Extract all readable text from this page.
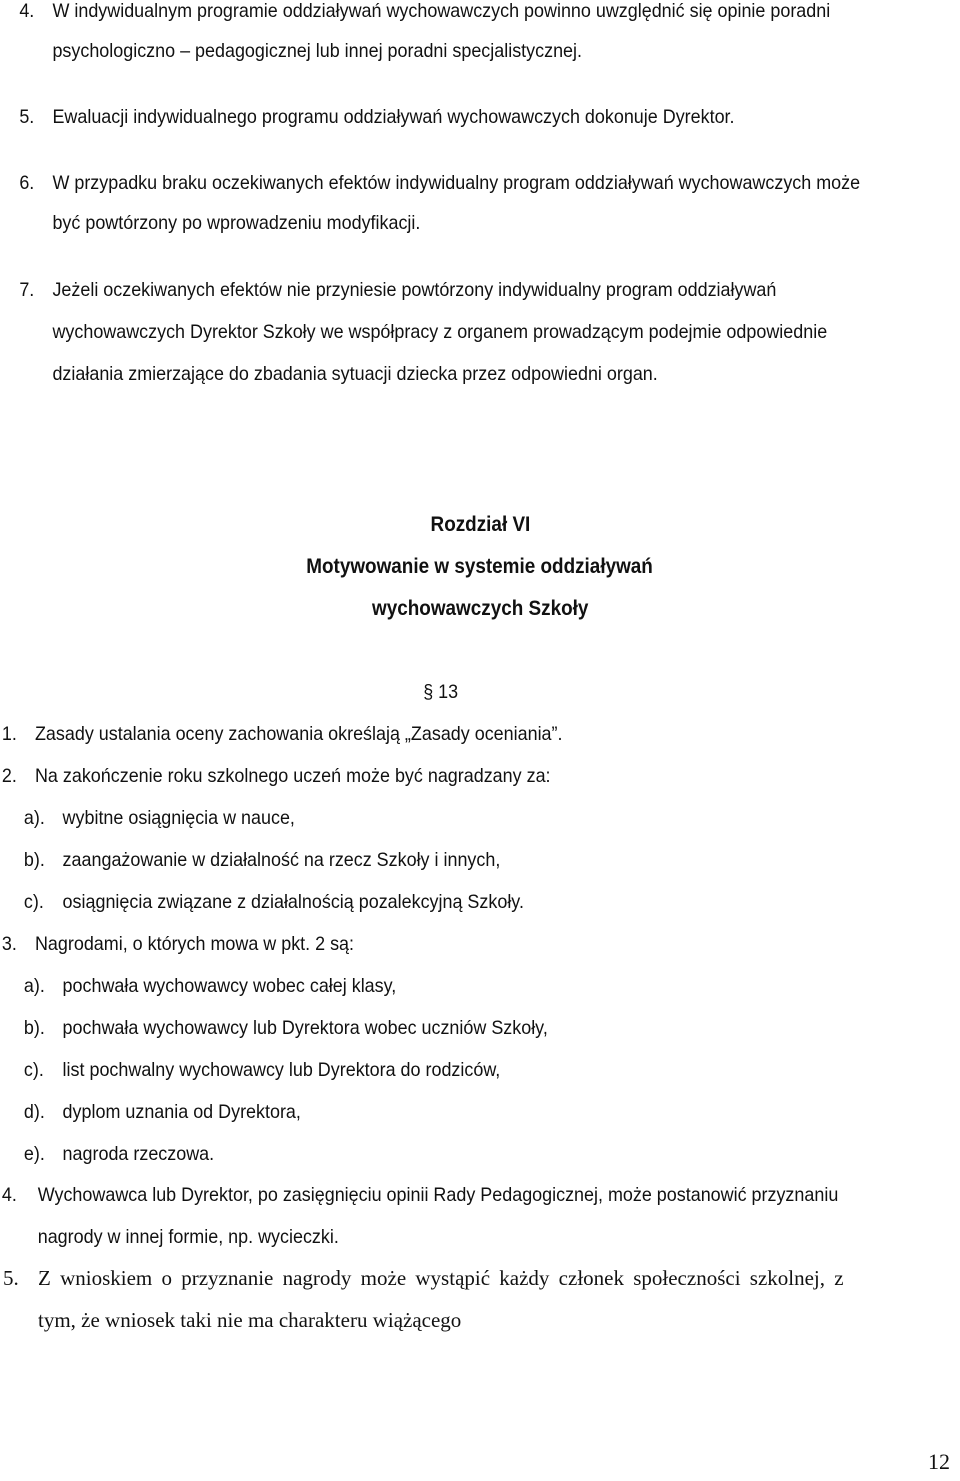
4. W indywidualnym programie oddziaływań wychowawczych powinno uwzględnić się opinie poradni
psychologiczno – pedagogicznej lub innej poradni specjalistycznej.
5. Ewaluacji indywidualnego programu oddziaływań wychowawczych dokonuje Dyrektor.
6. W przypadku braku oczekiwanych efektów indywidualny program oddziaływań wychowawczych może
być powtórzony po wprowadzeniu modyfikacji.
7. Jeżeli oczekiwanych efektów nie przyniesie powtórzony indywidualny program oddziaływań
wychowawczych Dyrektor Szkoły we współpracy z organem prowadzącym podejmie odpowiednie
działania zmierzające do zbadania sytuacji dziecka przez odpowiedni organ.
Rozdział VI
Motywowanie w systemie oddziaływań
wychowawczych Szkoły
§ 13
1. Zasady ustalania oceny zachowania określają „Zasady oceniania”.
2. Na zakończenie roku szkolnego uczeń może być nagradzany za:
a). wybitne osiągnięcia w nauce,
b). zaangażowanie w działalność na rzecz Szkoły i innych,
c). osiągnięcia związane z działalnością pozalekcyjną Szkoły.
3. Nagrodami, o których mowa w pkt. 2 są:
a). pochwała wychowawcy wobec całej klasy,
b). pochwała wychowawcy lub Dyrektora wobec uczniów Szkoły,
c). list pochwalny wychowawcy lub Dyrektora do rodziców,
d). dyplom uznania od Dyrektora,
e). nagroda rzeczowa.
4. Wychowawca lub Dyrektor, po zasięgnięciu opinii Rady Pedagogicznej, może postanowić przyznaniu
nagrody w innej formie, np. wycieczki.
5. Z wnioskiem o przyznanie nagrody może wystąpić każdy członek społeczności szkolnej, z
tym, że wniosek taki nie ma charakteru wiążącego
12
